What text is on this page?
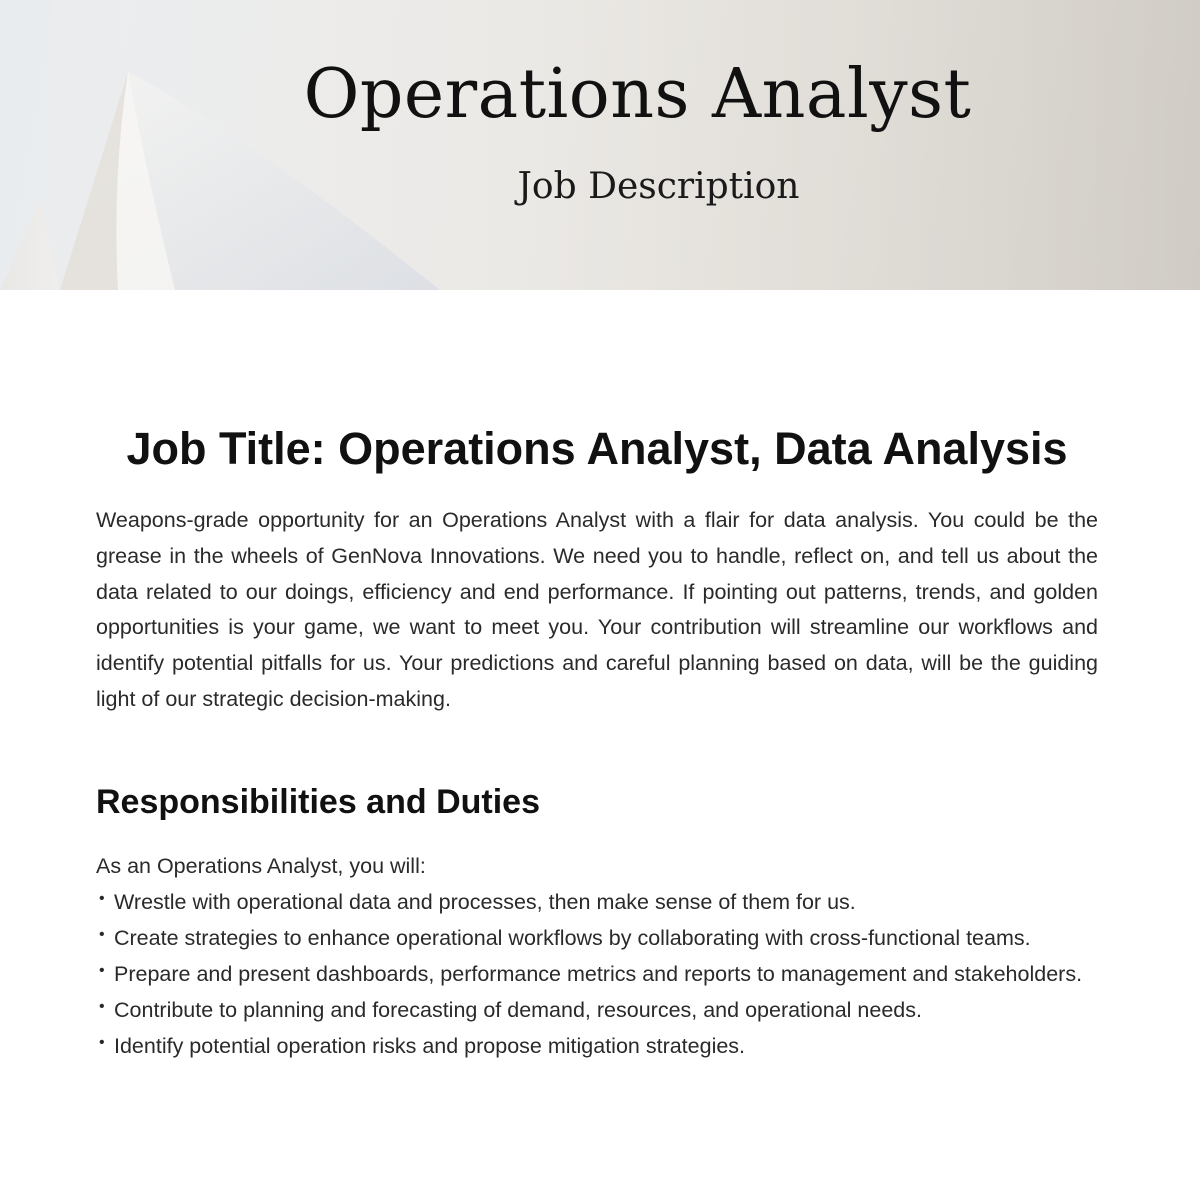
Operations Analyst
Job Description
Job Title: Operations Analyst, Data Analysis

Weapons-grade opportunity for an Operations Analyst with a flair for data analysis. You could be the grease in the wheels of GenNova Innovations. We need you to handle, reflect on, and tell us about the data related to our doings, efficiency and end performance. If pointing out patterns, trends, and golden opportunities is your game, we want to meet you. Your contribution will streamline our workflows and identify potential pitfalls for us. Your predictions and careful planning based on data, will be the guiding light of our strategic decision-making.

Responsibilities and Duties

As an Operations Analyst, you will:

• Wrestle with operational data and processes, then make sense of them for us.
• Create strategies to enhance operational workflows by collaborating with cross-functional teams.
• Prepare and present dashboards, performance metrics and reports to management and stakeholders.
• Contribute to planning and forecasting of demand, resources, and operational needs.
• Identify potential operation risks and propose mitigation strategies.
